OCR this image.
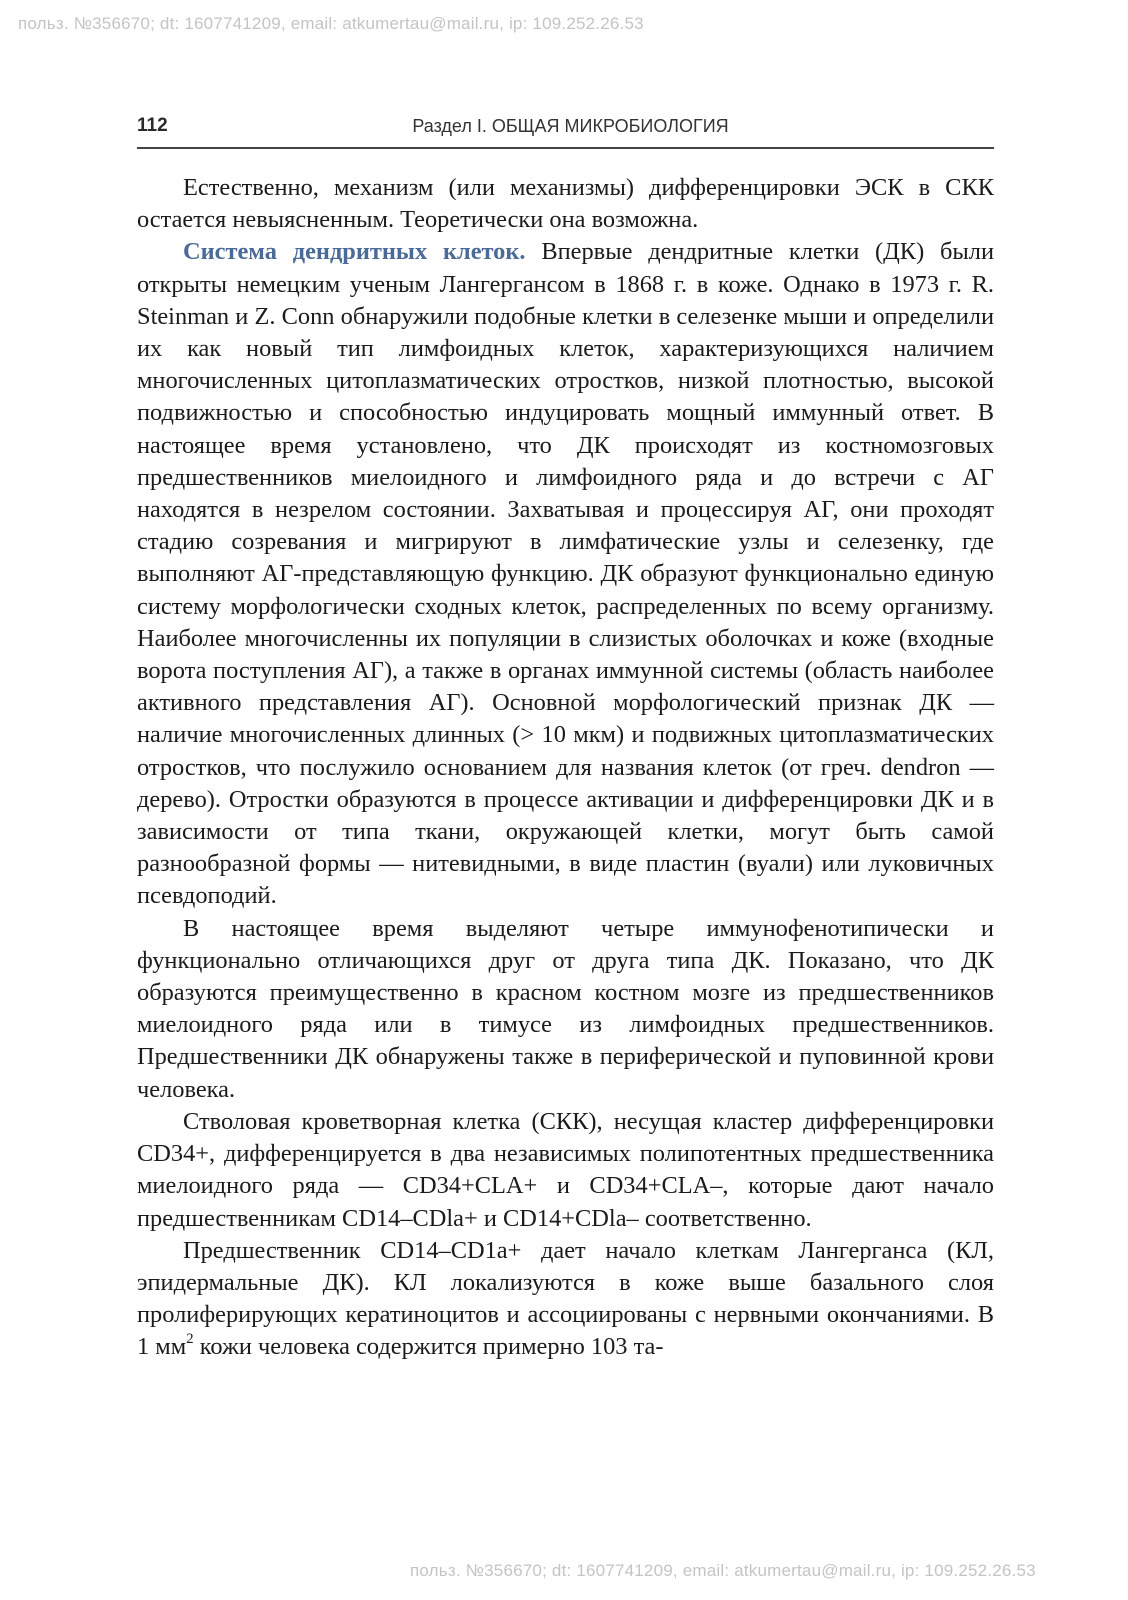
польз. №356670; dt: 1607741209, email: atkumertau@mail.ru, ip: 109.252.26.53
112	Раздел I. ОБЩАЯ МИКРОБИОЛОГИЯ

Естественно, механизм (или механизмы) дифференцировки ЭСК в СКК остается невыясненным. Теоретически она возможна.

Система дендритных клеток. Впервые дендритные клетки (ДК) были открыты немецким ученым Лангергансом в 1868 г. в коже. Однако в 1973 г. R. Steinman и Z. Conn обнаружили подобные клетки в селезенке мыши и определили их как новый тип лимфоидных клеток, характеризующихся наличием многочисленных цитоплазматических отростков, низкой плотностью, высокой подвижностью и способностью индуцировать мощный иммунный ответ. В настоящее время установлено, что ДК происходят из костномозговых предшественников миелоидного и лимфоидного ряда и до встречи с АГ находятся в незрелом состоянии. Захватывая и процессируя АГ, они проходят стадию созревания и мигрируют в лимфатические узлы и селезенку, где выполняют АГ-представляющую функцию. ДК образуют функционально единую систему морфологически сходных клеток, распределенных по всему организму. Наиболее многочисленны их популяции в слизистых оболочках и коже (входные ворота поступления АГ), а также в органах иммунной системы (область наиболее активного представления АГ). Основной морфологический признак ДК — наличие многочисленных длинных (> 10 мкм) и подвижных цитоплазматических отростков, что послужило основанием для названия клеток (от греч. dendron — дерево). Отростки образуются в процессе активации и дифференцировки ДК и в зависимости от типа ткани, окружающей клетки, могут быть самой разнообразной формы — нитевидными, в виде пластин (вуали) или луковичных псевдоподий.

В настоящее время выделяют четыре иммунофенотипически и функционально отличающихся друг от друга типа ДК. Показано, что ДК образуются преимущественно в красном костном мозге из предшественников миелоидного ряда или в тимусе из лимфоидных предшественников. Предшественники ДК обнаружены также в периферической и пуповинной крови человека.

Стволовая кроветворная клетка (СКК), несущая кластер дифференцировки CD34+, дифференцируется в два независимых полипотентных предшественника миелоидного ряда — CD34+CLA+ и CD34+CLA–, которые дают начало предшественникам CD14–CDla+ и CD14+CDla– соответственно.

Предшественник CD14–CD1a+ дает начало клеткам Лангерганса (КЛ, эпидермальные ДК). КЛ локализуются в коже выше базального слоя пролиферирующих кератиноцитов и ассоциированы с нервными окончаниями. В 1 $мм^2$ кожи человека содержится примерно 103 та-

польз. №356670; dt: 1607741209, email: atkumertau@mail.ru, ip: 109.252.26.53
